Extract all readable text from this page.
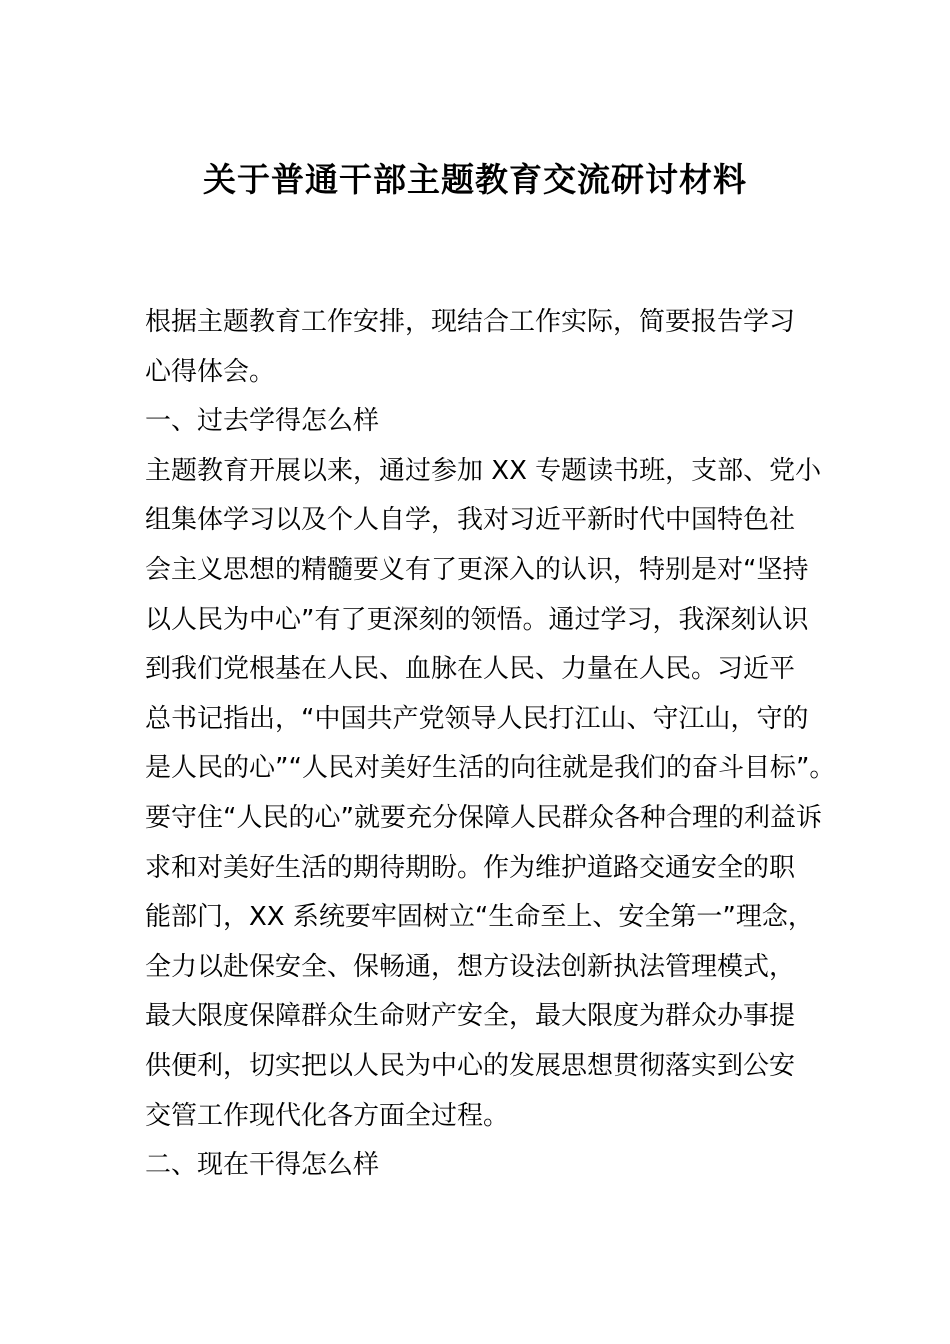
关于普通干部主题教育交流研讨材料
根据主题教育工作安排，现结合工作实际，简要报告学习
心得体会。
一、过去学得怎么样
主题教育开展以来，通过参加 XX 专题读书班，支部、党小
组集体学习以及个人自学，我对习近平新时代中国特色社
会主义思想的精髓要义有了更深入的认识，特别是对“坚持
以人民为中心”有了更深刻的领悟。通过学习，我深刻认识
到我们党根基在人民、血脉在人民、力量在人民。习近平
总书记指出，“中国共产党领导人民打江山、守江山，守的
是人民的心”“人民对美好生活的向往就是我们的奋斗目标”。
要守住“人民的心”就要充分保障人民群众各种合理的利益诉
求和对美好生活的期待期盼。作为维护道路交通安全的职
能部门，XX 系统要牢固树立“生命至上、安全第一”理念，
全力以赴保安全、保畅通，想方设法创新执法管理模式，
最大限度保障群众生命财产安全，最大限度为群众办事提
供便利，切实把以人民为中心的发展思想贯彻落实到公安
交管工作现代化各方面全过程。
二、现在干得怎么样
